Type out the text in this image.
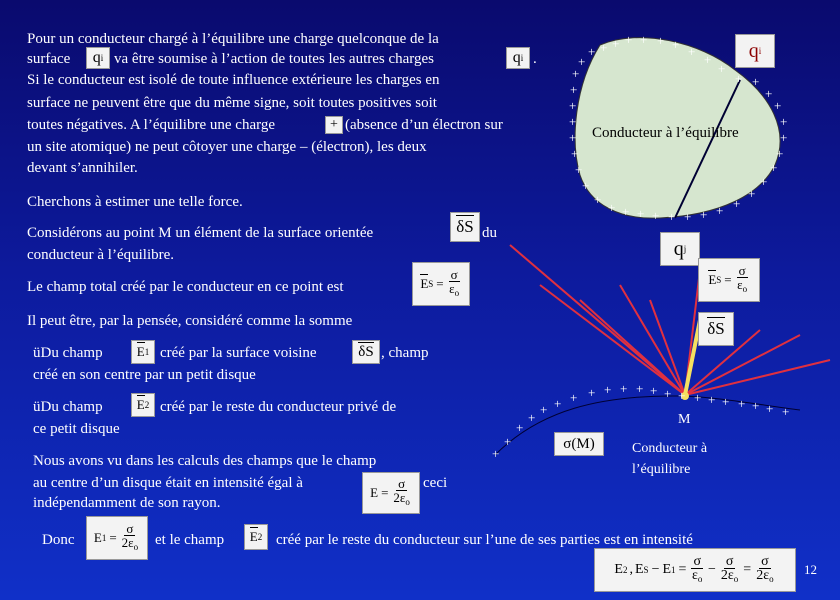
Pour un conducteur chargé à l’équilibre une charge quelconque de la
surface q i va être soumise à l’action de toutes les autres charges	q i .
Si le conducteur est isolé de toute influence extérieure les charges en
surface ne peuvent être que du même signe, soit toutes positives soit
toutes négatives. A l’équilibre une charge	+ (absence d’un électron sur
un site atomique) ne peut côtoyer une charge – (électron), les deux
devant s’annihiler.
Cherchons à estimer une telle force.
Considérons au point M un élément de la surface orientée	δS du
conducteur à l’équilibre.
Le champ total créé par le conducteur en ce point est	E $S = \frac{\sigma}{\varepsilon_o}$
Il peut être, par la pensée, considéré comme la somme
üDu champ	E 1 créé par la surface voisine	δS , champ
créé en son centre par un petit disque
üDu champ	E 2 créé par le reste du conducteur privé de
ce petit disque
Nous avons vu dans les calculs des champs que le champ
au centre d’un disque était en intensité égal à
$E = \frac{\sigma}{2\varepsilon_o}$ ceci
indépendamment de son rayon.
Donc E $1 = \frac{\sigma}{2\varepsilon_o}$ et le champ E 2 créé par le reste du conducteur sur l’une de ses parties est en intensité
E 2 , E S − E $1 = \frac{\sigma}{\varepsilon_o} - \frac{\sigma}{2\varepsilon_o} = \frac{\sigma}{2\varepsilon_o} 12$
+ + + + + + + +
+
+
+ +
+
+
+
+
+
+
+
+
+
+
+
+
+
+
+
+
+
+
+
+
+
+
+
+
+
+
+
Conducteur à l’équilibre
q i
q j
E $S = \frac{\sigma}{\varepsilon_o}$
δS
+
+
+
+
+ + + + + + + + + + + + + + + + +
M
σ(M)	Conducteur à
l’équilibre
